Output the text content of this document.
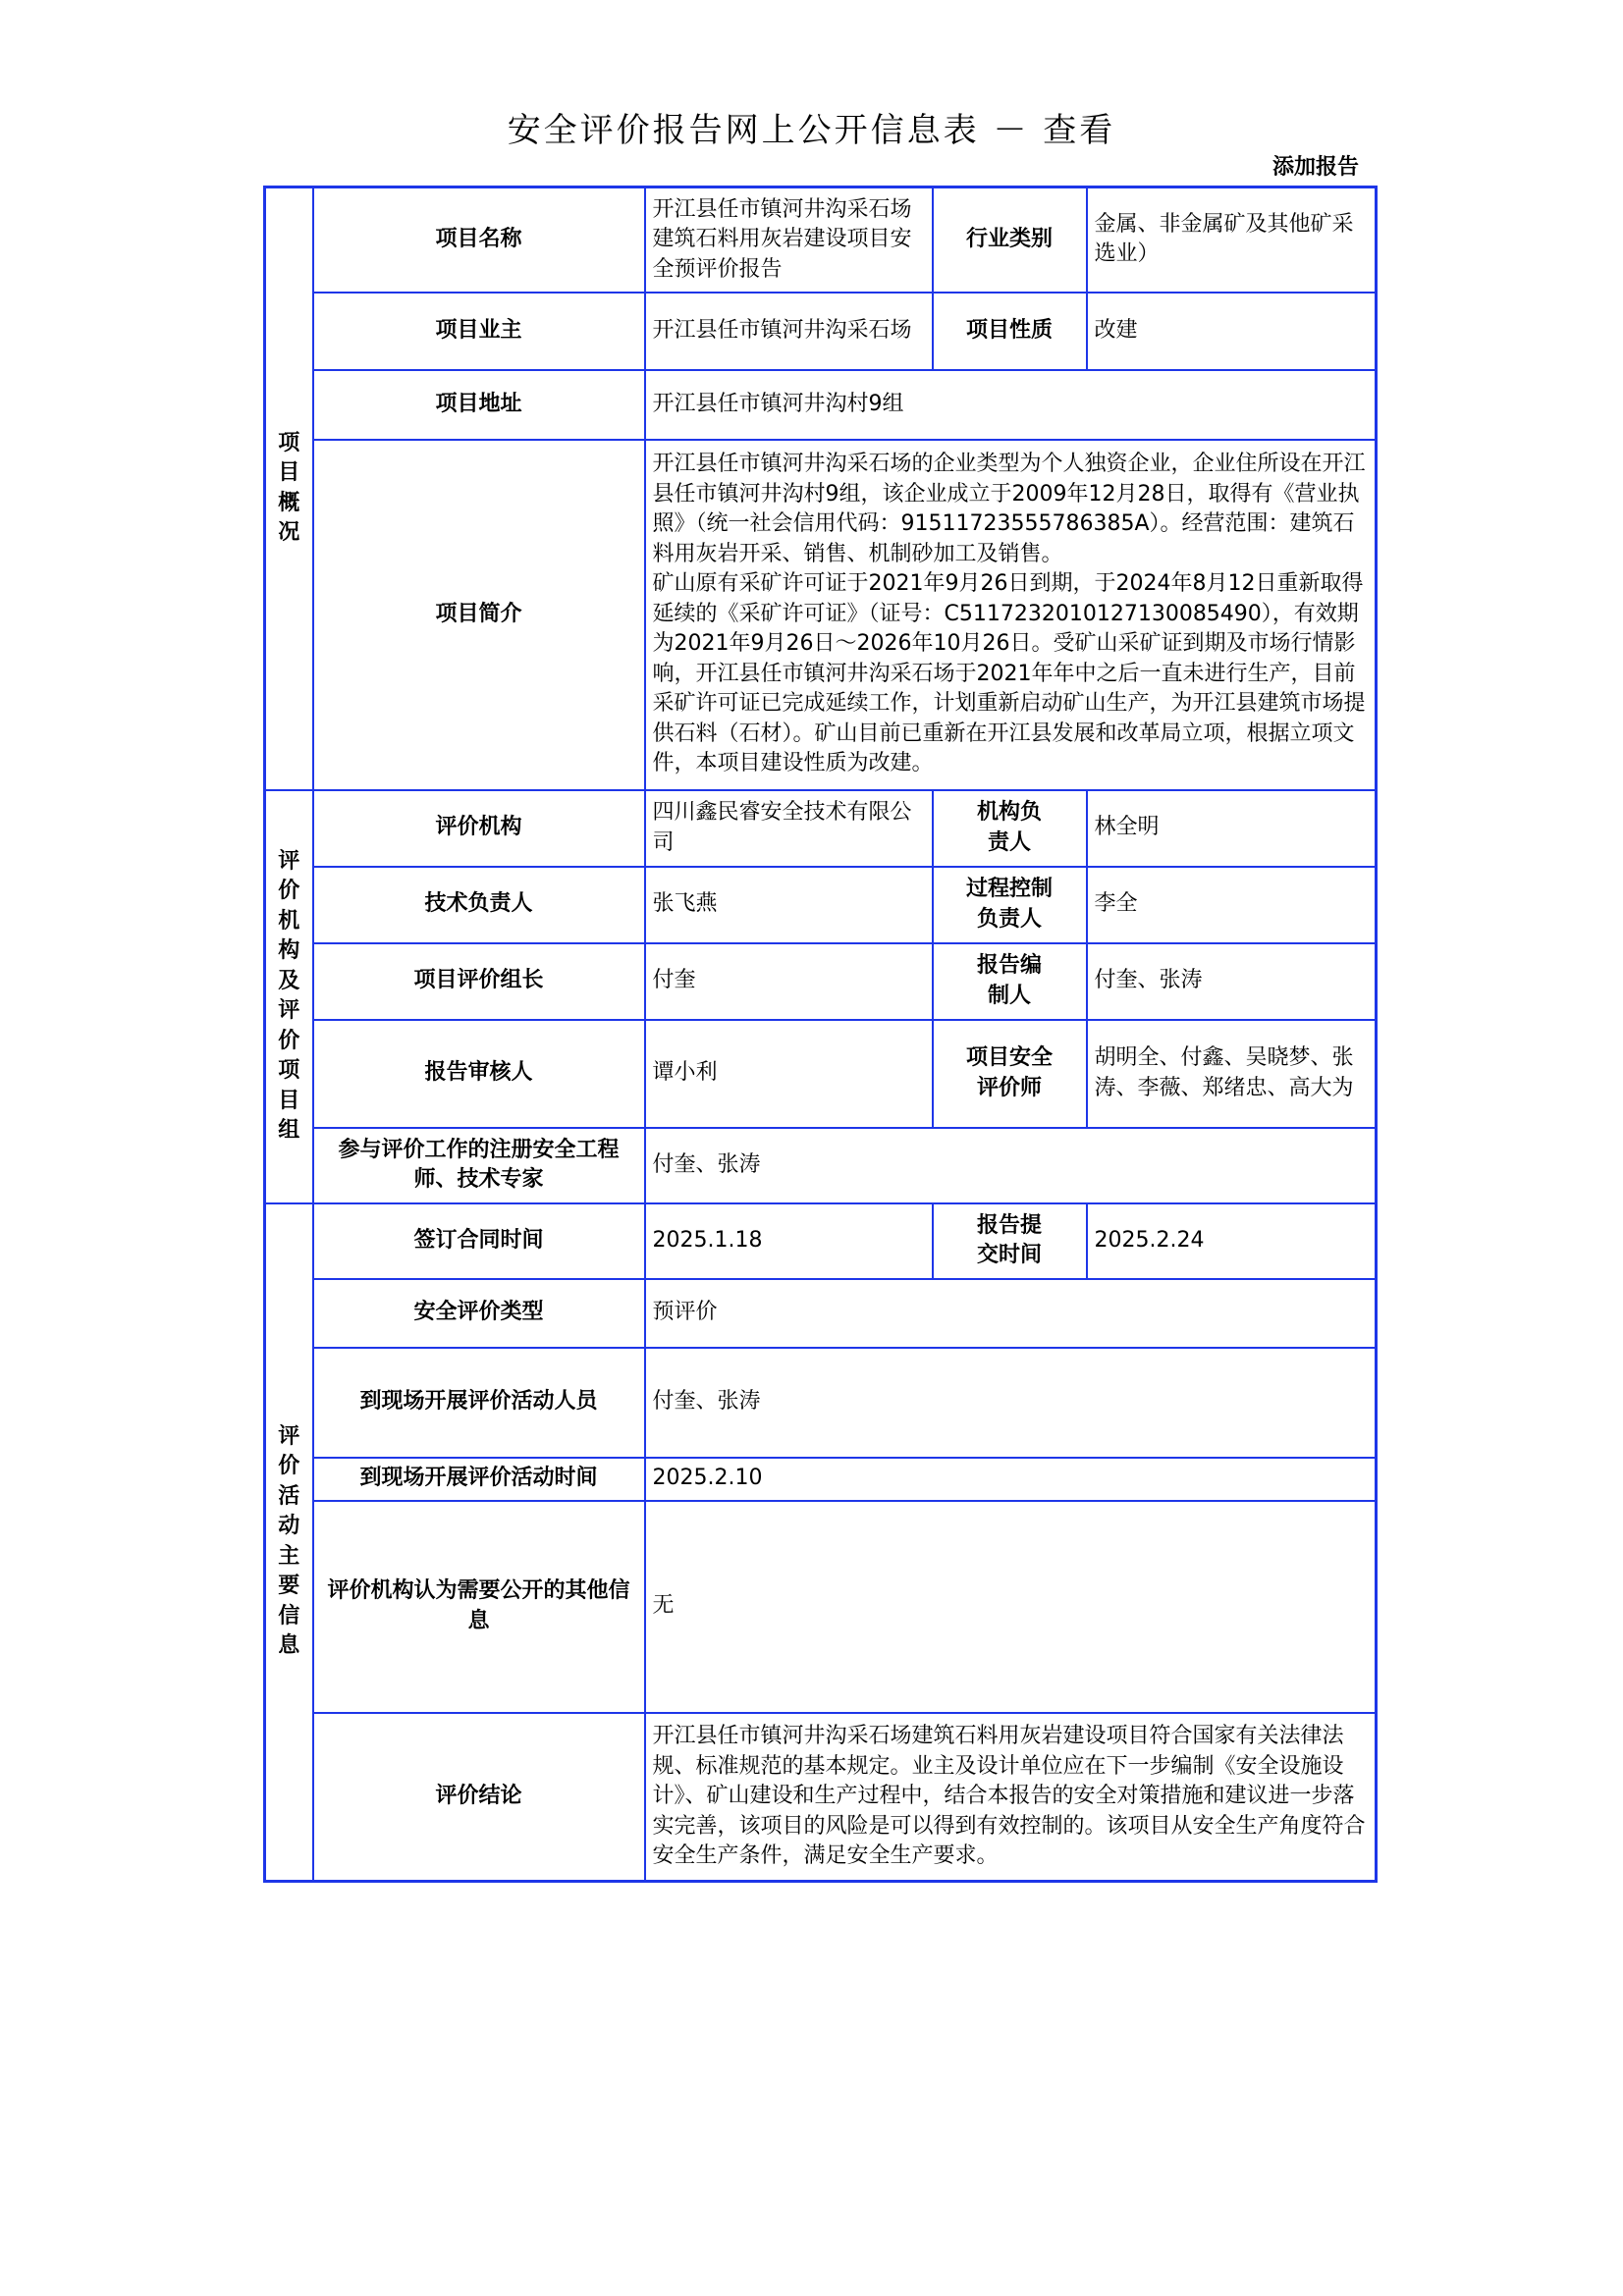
安全评价报告网上公开信息表 － 查看
添加报告
项目概况	项目名称	开江县任市镇河井沟采石场建筑石料用灰岩建设项目安全预评价报告	行业类别	金属、非金属矿及其他矿采选业）
	项目业主	开江县任市镇河井沟采石场	项目性质	改建
	项目地址	开江县任市镇河井沟村9组		
	项目简介	开江县任市镇河井沟采石场的企业类型为个人独资企业，企业住所设在开江县任市镇河井沟村9组，该企业成立于2009年12月28日，取得有《营业执照》（统一社会信用代码：91511723555786385A）。经营范围：建筑石料用灰岩开采、销售、机制砂加工及销售。
矿山原有采矿许可证于2021年9月26日到期，于2024年8月12日重新取得延续的《采矿许可证》（证号：C5117232010127130085490），有效期为2021年9月26日～2026年10月26日。受矿山采矿证到期及市场行情影响，开江县任市镇河井沟采石场于2021年年中之后一直未进行生产，目前采矿许可证已完成延续工作，计划重新启动矿山生产，为开江县建筑市场提供石料（石材）。矿山目前已重新在开江县发展和改革局立项，根据立项文件，本项目建设性质为改建。		

评价机构及评价项目组	评价机构	四川鑫民睿安全技术有限公司	机构负责人	林全明
	技术负责人	张飞燕	过程控制负责人	李全
	项目评价组长	付奎	报告编制人	付奎、张涛
	报告审核人	谭小利	项目安全评价师	胡明全、付鑫、吴晓梦、张涛、李薇、郑绪忠、高大为
	参与评价工作的注册安全工程师、技术专家	付奎、张涛		
评价活动主要信息	签订合同时间	2025.1.18	报告提交时间	2025.2.24
	安全评价类型	预评价		
	到现场开展评价活动人员	付奎、张涛		
	到现场开展评价活动时间	2025.2.10		
	评价机构认为需要公开的其他信息	无		
	评价结论	开江县任市镇河井沟采石场建筑石料用灰岩建设项目符合国家有关法律法规、标准规范的基本规定。业主及设计单位应在下一步编制《安全设施设计》、矿山建设和生产过程中，结合本报告的安全对策措施和建议进一步落实完善，该项目的风险是可以得到有效控制的。该项目从安全生产角度符合安全生产条件，满足安全生产要求。		
